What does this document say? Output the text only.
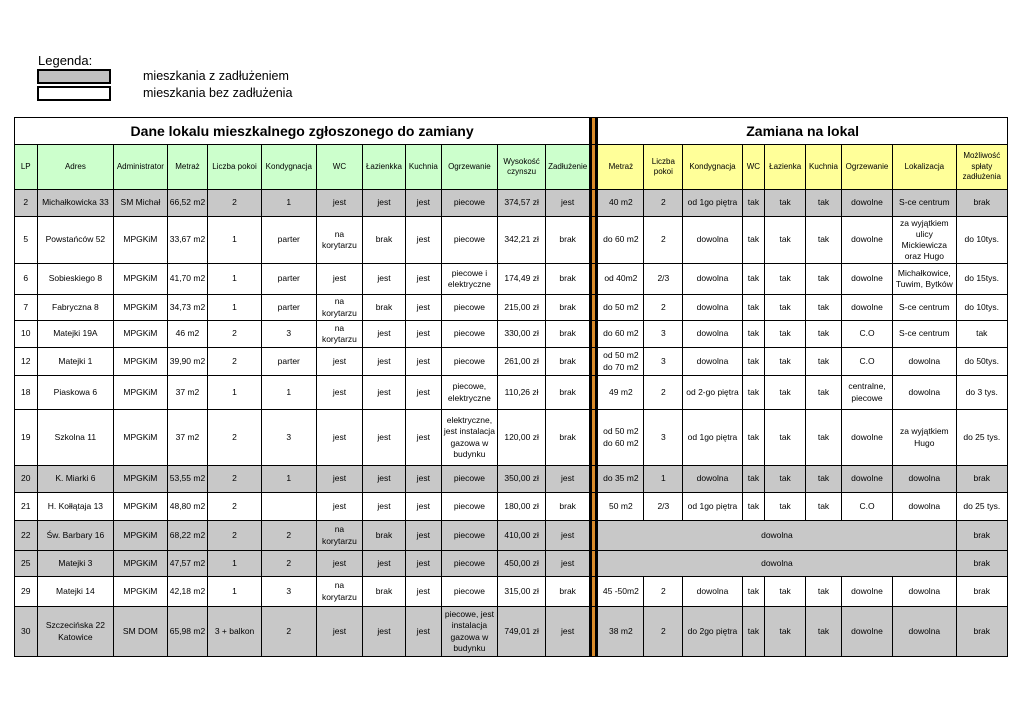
Legenda:
mieszkania z zadłużeniem
mieszkania bez zadłużenia
Dane lokalu mieszkalnego zgłoszonego do zamiany													Zamiana na lokal								
LP	Adres	Administrator	Metraż	Liczba pokoi	Kondygnacja	WC	Łazienkka	Kuchnia	Ogrzewanie	Wysokość czynszu	Zadłużenie		Metraż	Liczba pokoi	Kondygnacja	WC	Łazienka	Kuchnia	Ogrzewanie	Lokalizacja	Możliwość spłaty zadłużenia
2	Michałkowicka 33	SM Michał	66,52 m2	2	1	jest	jest	jest	piecowe	374,57 zł	jest		40 m2	2	od 1go piętra	tak	tak	tak	dowolne	S-ce centrum	brak
5	Powstańców 52	MPGKiM	33,67 m2	1	parter	na korytarzu	brak	jest	piecowe	342,21 zł	brak		do 60 m2	2	dowolna	tak	tak	tak	dowolne	za wyjątkiem ulicy Mickiewicza oraz Hugo	do 10tys.
6	Sobieskiego 8	MPGKiM	41,70 m2	1	parter	jest	jest	jest	piecowe i elektryczne	174,49 zł	brak		od 40m2	2/3	dowolna	tak	tak	tak	dowolne	Michałkowice, Tuwim, Bytków	do 15tys.
7	Fabryczna 8	MPGKiM	34,73 m2	1	parter	na korytarzu	brak	jest	piecowe	215,00 zł	brak		do 50 m2	2	dowolna	tak	tak	tak	dowolne	S-ce centrum	do 10tys.
10	Matejki 19A	MPGKiM	46 m2	2	3	na korytarzu	jest	jest	piecowe	330,00 zł	brak		do 60 m2	3	dowolna	tak	tak	tak	C.O	S-ce centrum	tak
12	Matejki 1	MPGKiM	39,90 m2	2	parter	jest	jest	jest	piecowe	261,00 zł	brak		od 50 m2 do 70 m2	3	dowolna	tak	tak	tak	C.O	dowolna	do 50tys.
18	Piaskowa 6	MPGKiM	37 m2	1	1	jest	jest	jest	piecowe, elektryczne	110,26 zł	brak		49 m2	2	od 2-go piętra	tak	tak	tak	centralne, piecowe	dowolna	do 3 tys.
19	Szkolna 11	MPGKiM	37 m2	2	3	jest	jest	jest	elektryczne, jest instalacja gazowa w budynku	120,00 zł	brak		od 50 m2 do 60 m2	3	od 1go piętra	tak	tak	tak	dowolne	za wyjątkiem Hugo	do 25 tys.
20	K. Miarki 6	MPGKiM	53,55 m2	2	1	jest	jest	jest	piecowe	350,00 zł	jest		do 35 m2	1	dowolna	tak	tak	tak	dowolne	dowolna	brak
21	H. Kołłątaja 13	MPGKiM	48,80 m2	2		jest	jest	jest	piecowe	180,00 zł	brak		50 m2	2/3	od 1go piętra	tak	tak	tak	C.O	dowolna	do 25 tys.
22	Św. Barbary 16	MPGKiM	68,22 m2	2	2	na korytarzu	brak	jest	piecowe	410,00 zł	jest		dowolna								brak
25	Matejki 3	MPGKiM	47,57 m2	1	2	jest	jest	jest	piecowe	450,00 zł	jest		dowolna								brak
29	Matejki 14	MPGKiM	42,18 m2	1	3	na korytarzu	brak	jest	piecowe	315,00 zł	brak		45 -50m2	2	dowolna	tak	tak	tak	dowolne	dowolna	brak
30	Szczecińska 22 Katowice	SM DOM	65,98 m2	3 + balkon	2	jest	jest	jest	piecowe, jest instalacja gazowa w budynku	749,01 zł	jest		38 m2	2	do 2go piętra	tak	tak	tak	dowolne	dowolna	brak
